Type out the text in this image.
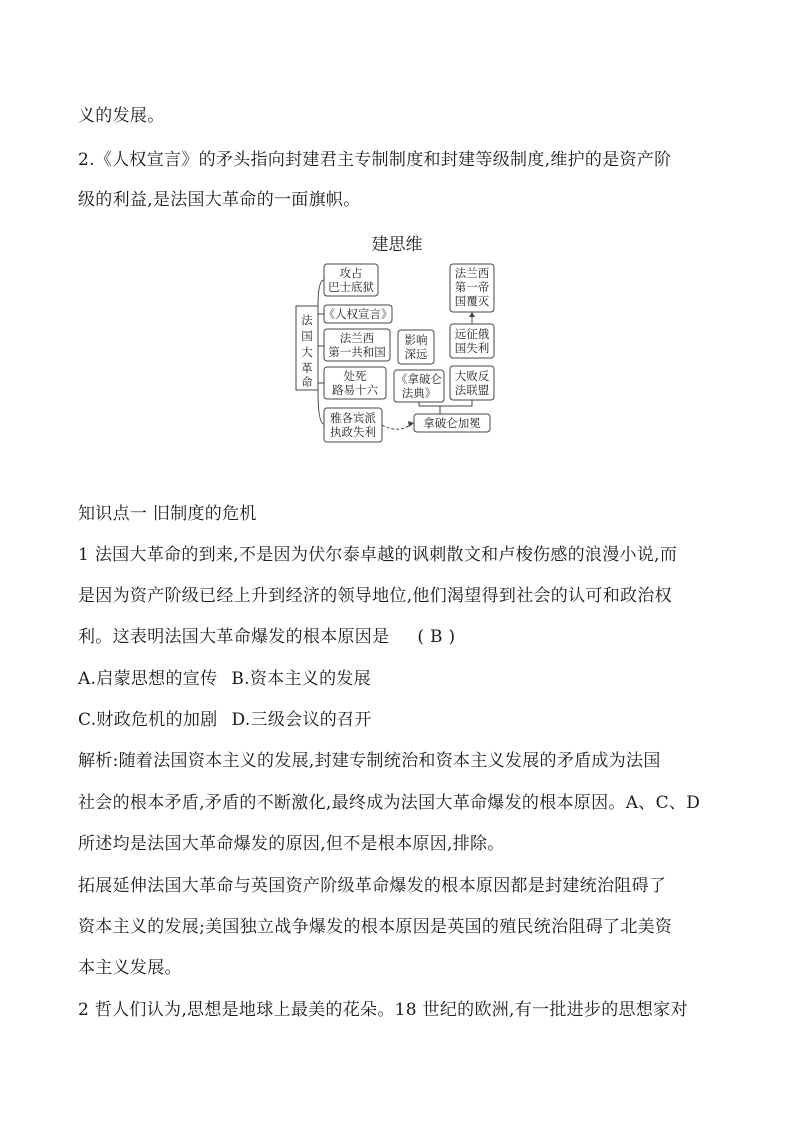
义的发展。
2.《人权宣言》的矛头指向封建君主专制制度和封建等级制度,维护的是资产阶
级的利益,是法国大革命的一面旗帜。
建思维
法
国
大
革
命
攻占
巴士底狱
《人权宣言》
法兰西
第一共和国
处死
路易十六
雅各宾派
执政失利
影响
深远
《拿破仑
法典》
法兰西
第一帝
国覆灭
远征俄
国失利
大败反
法联盟
拿破仑加冕
知识点一 旧制度的危机
1 法国大革命的到来,不是因为伏尔泰卓越的讽刺散文和卢梭伤感的浪漫小说,而
是因为资产阶级已经上升到经济的领导地位,他们渴望得到社会的认可和政治权
利。这表明法国大革命爆发的根本原因是 ( B )
A.启蒙思想的宣传 B.资本主义的发展
C.财政危机的加剧 D.三级会议的召开
解析:随着法国资本主义的发展,封建专制统治和资本主义发展的矛盾成为法国
社会的根本矛盾,矛盾的不断激化,最终成为法国大革命爆发的根本原因。A、C、D
所述均是法国大革命爆发的原因,但不是根本原因,排除。
拓展延伸法国大革命与英国资产阶级革命爆发的根本原因都是封建统治阻碍了
资本主义的发展;美国独立战争爆发的根本原因是英国的殖民统治阻碍了北美资
本主义发展。
2 哲人们认为,思想是地球上最美的花朵。18 世纪的欧洲,有一批进步的思想家对
